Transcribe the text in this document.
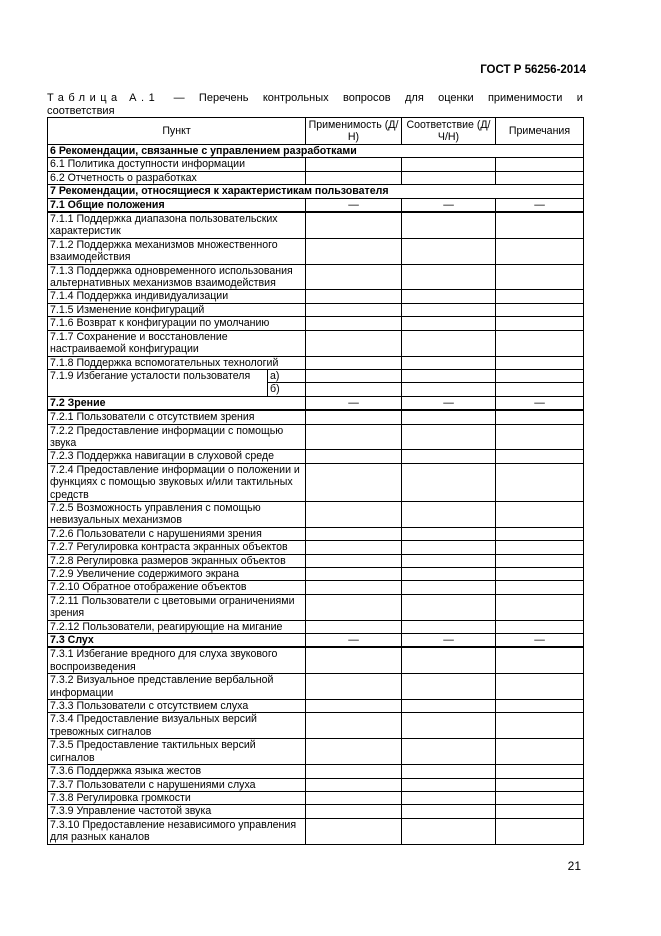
ГОСТ Р 56256-2014
Таблица А.1 — Перечень контрольных вопросов для оценки применимости и
соответствия
Пункт		Применимость (Д/Н)	Соответствие (Д/Ч/Н)	Примечания
6 Рекомендации, связанные с управлением разработками				
6.1 Политика доступности информации				
6.2 Отчетность о разработках				
7 Рекомендации, относящиеся к характеристикам пользователя				
7.1 Общие положения		—	—	—
7.1.1 Поддержка диапазона пользовательских характеристик				
7.1.2 Поддержка механизмов множественного взаимодействия				
7.1.3 Поддержка одновременного использования альтернативных механизмов взаимодействия				
7.1.4 Поддержка индивидуализации				
7.1.5 Изменение конфигураций				
7.1.6 Возврат к конфигурации по умолчанию				
7.1.7 Сохранение и восстановление настраиваемой конфигурации				
7.1.8 Поддержка вспомогательных технологий				
7.1.9 Избегание усталости пользователя	а)			
	б)			
7.2 Зрение		—	—	—
7.2.1 Пользователи с отсутствием зрения				
7.2.2 Предоставление информации с помощью звука				
7.2.3 Поддержка навигации в слуховой среде				
7.2.4 Предоставление информации о положении и функциях с помощью звуковых и/или тактильных средств				
7.2.5 Возможность управления с помощью невизуальных механизмов				
7.2.6 Пользователи с нарушениями зрения				
7.2.7 Регулировка контраста экранных объектов				
7.2.8 Регулировка размеров экранных объектов				
7.2.9 Увеличение содержимого экрана				
7.2.10 Обратное отображение объектов				
7.2.11 Пользователи с цветовыми ограничениями зрения				
7.2.12 Пользователи, реагирующие на мигание				
7.3 Слух		—	—	—
7.3.1 Избегание вредного для слуха звукового воспроизведения				
7.3.2 Визуальное представление вербальной информации				
7.3.3 Пользователи с отсутствием слуха				
7.3.4 Предоставление визуальных версий тревожных сигналов				
7.3.5 Предоставление тактильных версий сигналов				
7.3.6 Поддержка языка жестов				
7.3.7 Пользователи с нарушениями слуха				
7.3.8 Регулировка громкости				
7.3.9 Управление частотой звука				
7.3.10 Предоставление независимого управления для разных каналов				
21
